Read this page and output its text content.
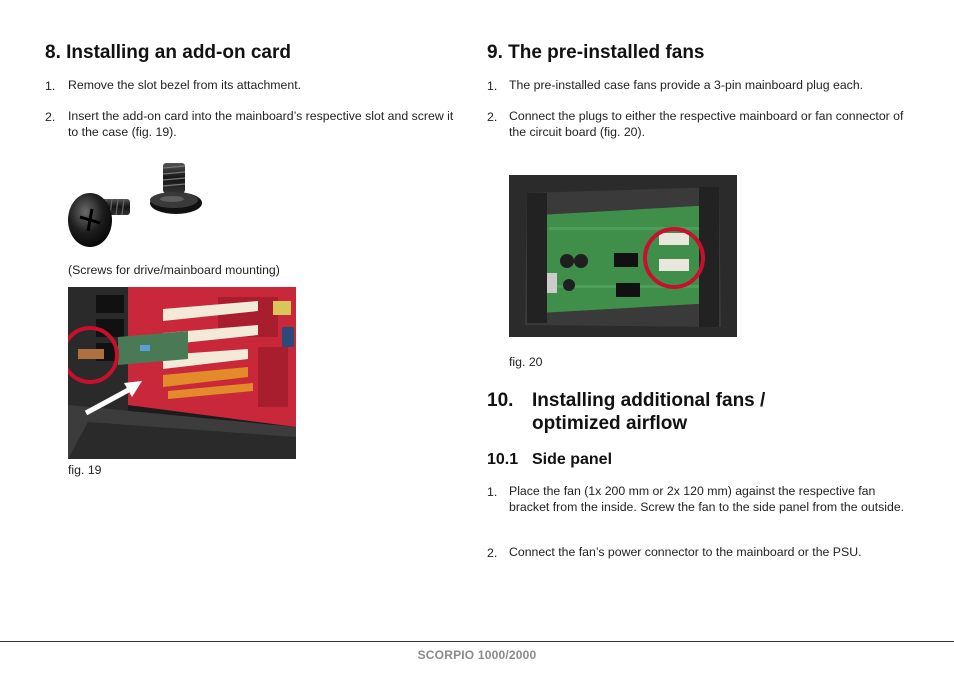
8. Installing an add-on card
1. Remove the slot bezel from its attachment.
2. Insert the add-on card into the mainboard’s respective slot and screw it to the case (fig. 19).
(Screws for drive/mainboard mounting)
fig. 19
9. The pre-installed fans
1. The pre-installed case fans provide a 3-pin mainboard plug each.
2. Connect the plugs to either the respective mainboard or fan connector of the circuit board (fig. 20).
fig. 20
10. Installing additional fans /
optimized airflow
10.1 Side panel
1. Place the fan (1x 200 mm or 2x 120 mm) against the respective fan bracket from the inside. Screw the fan to the side panel from the outside.
2. Connect the fan’s power connector to the mainboard or the PSU.
SCORPIO 1000/2000
